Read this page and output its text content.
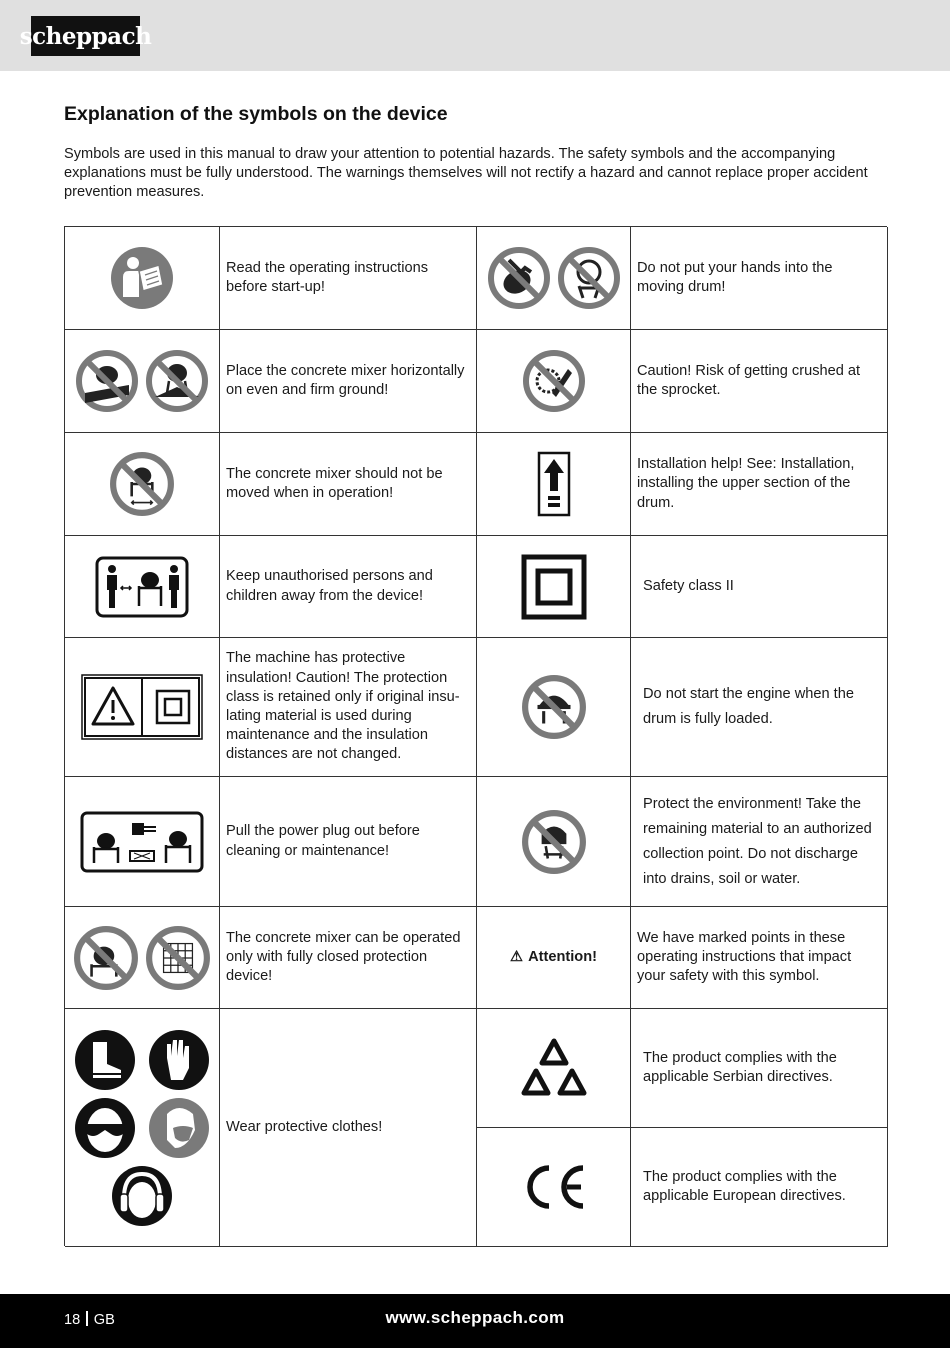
scheppach
Explanation of the symbols on the device

Symbols are used in this manual to draw your attention to potential hazards. The safety symbols and the accompanying explanations must be fully understood. The warnings themselves will not rectify a hazard and cannot replace proper accident prevention measures.

Read the operating instructions before start-up!
Do not put your hands into the moving drum!
Place the concrete mixer horizontally on even and firm ground!
Caution! Risk of getting crushed at the sprocket.
The concrete mixer should not be moved when in operation!
Installation help! See: Installation, installing the upper section of the drum.
Keep unauthorised persons and children away from the device!
Safety class II
The machine has protective insulation! Caution! The protection class is retained only if original insulating material is used during maintenance and the insulation distances are not changed.
Do not start the engine when the drum is fully loaded.
Pull the power plug out before cleaning or maintenance!
Protect the environment! Take the remaining material to an authorized collection point. Do not discharge into drains, soil or water.
The concrete mixer can be operated only with fully closed protection device!
⚠ Attention!
We have marked points in these operating instructions that impact your safety with this symbol.
Wear protective clothes!
The product complies with the applicable Serbian directives.
The product complies with the applicable European directives.
18 GB	www.scheppach.com
